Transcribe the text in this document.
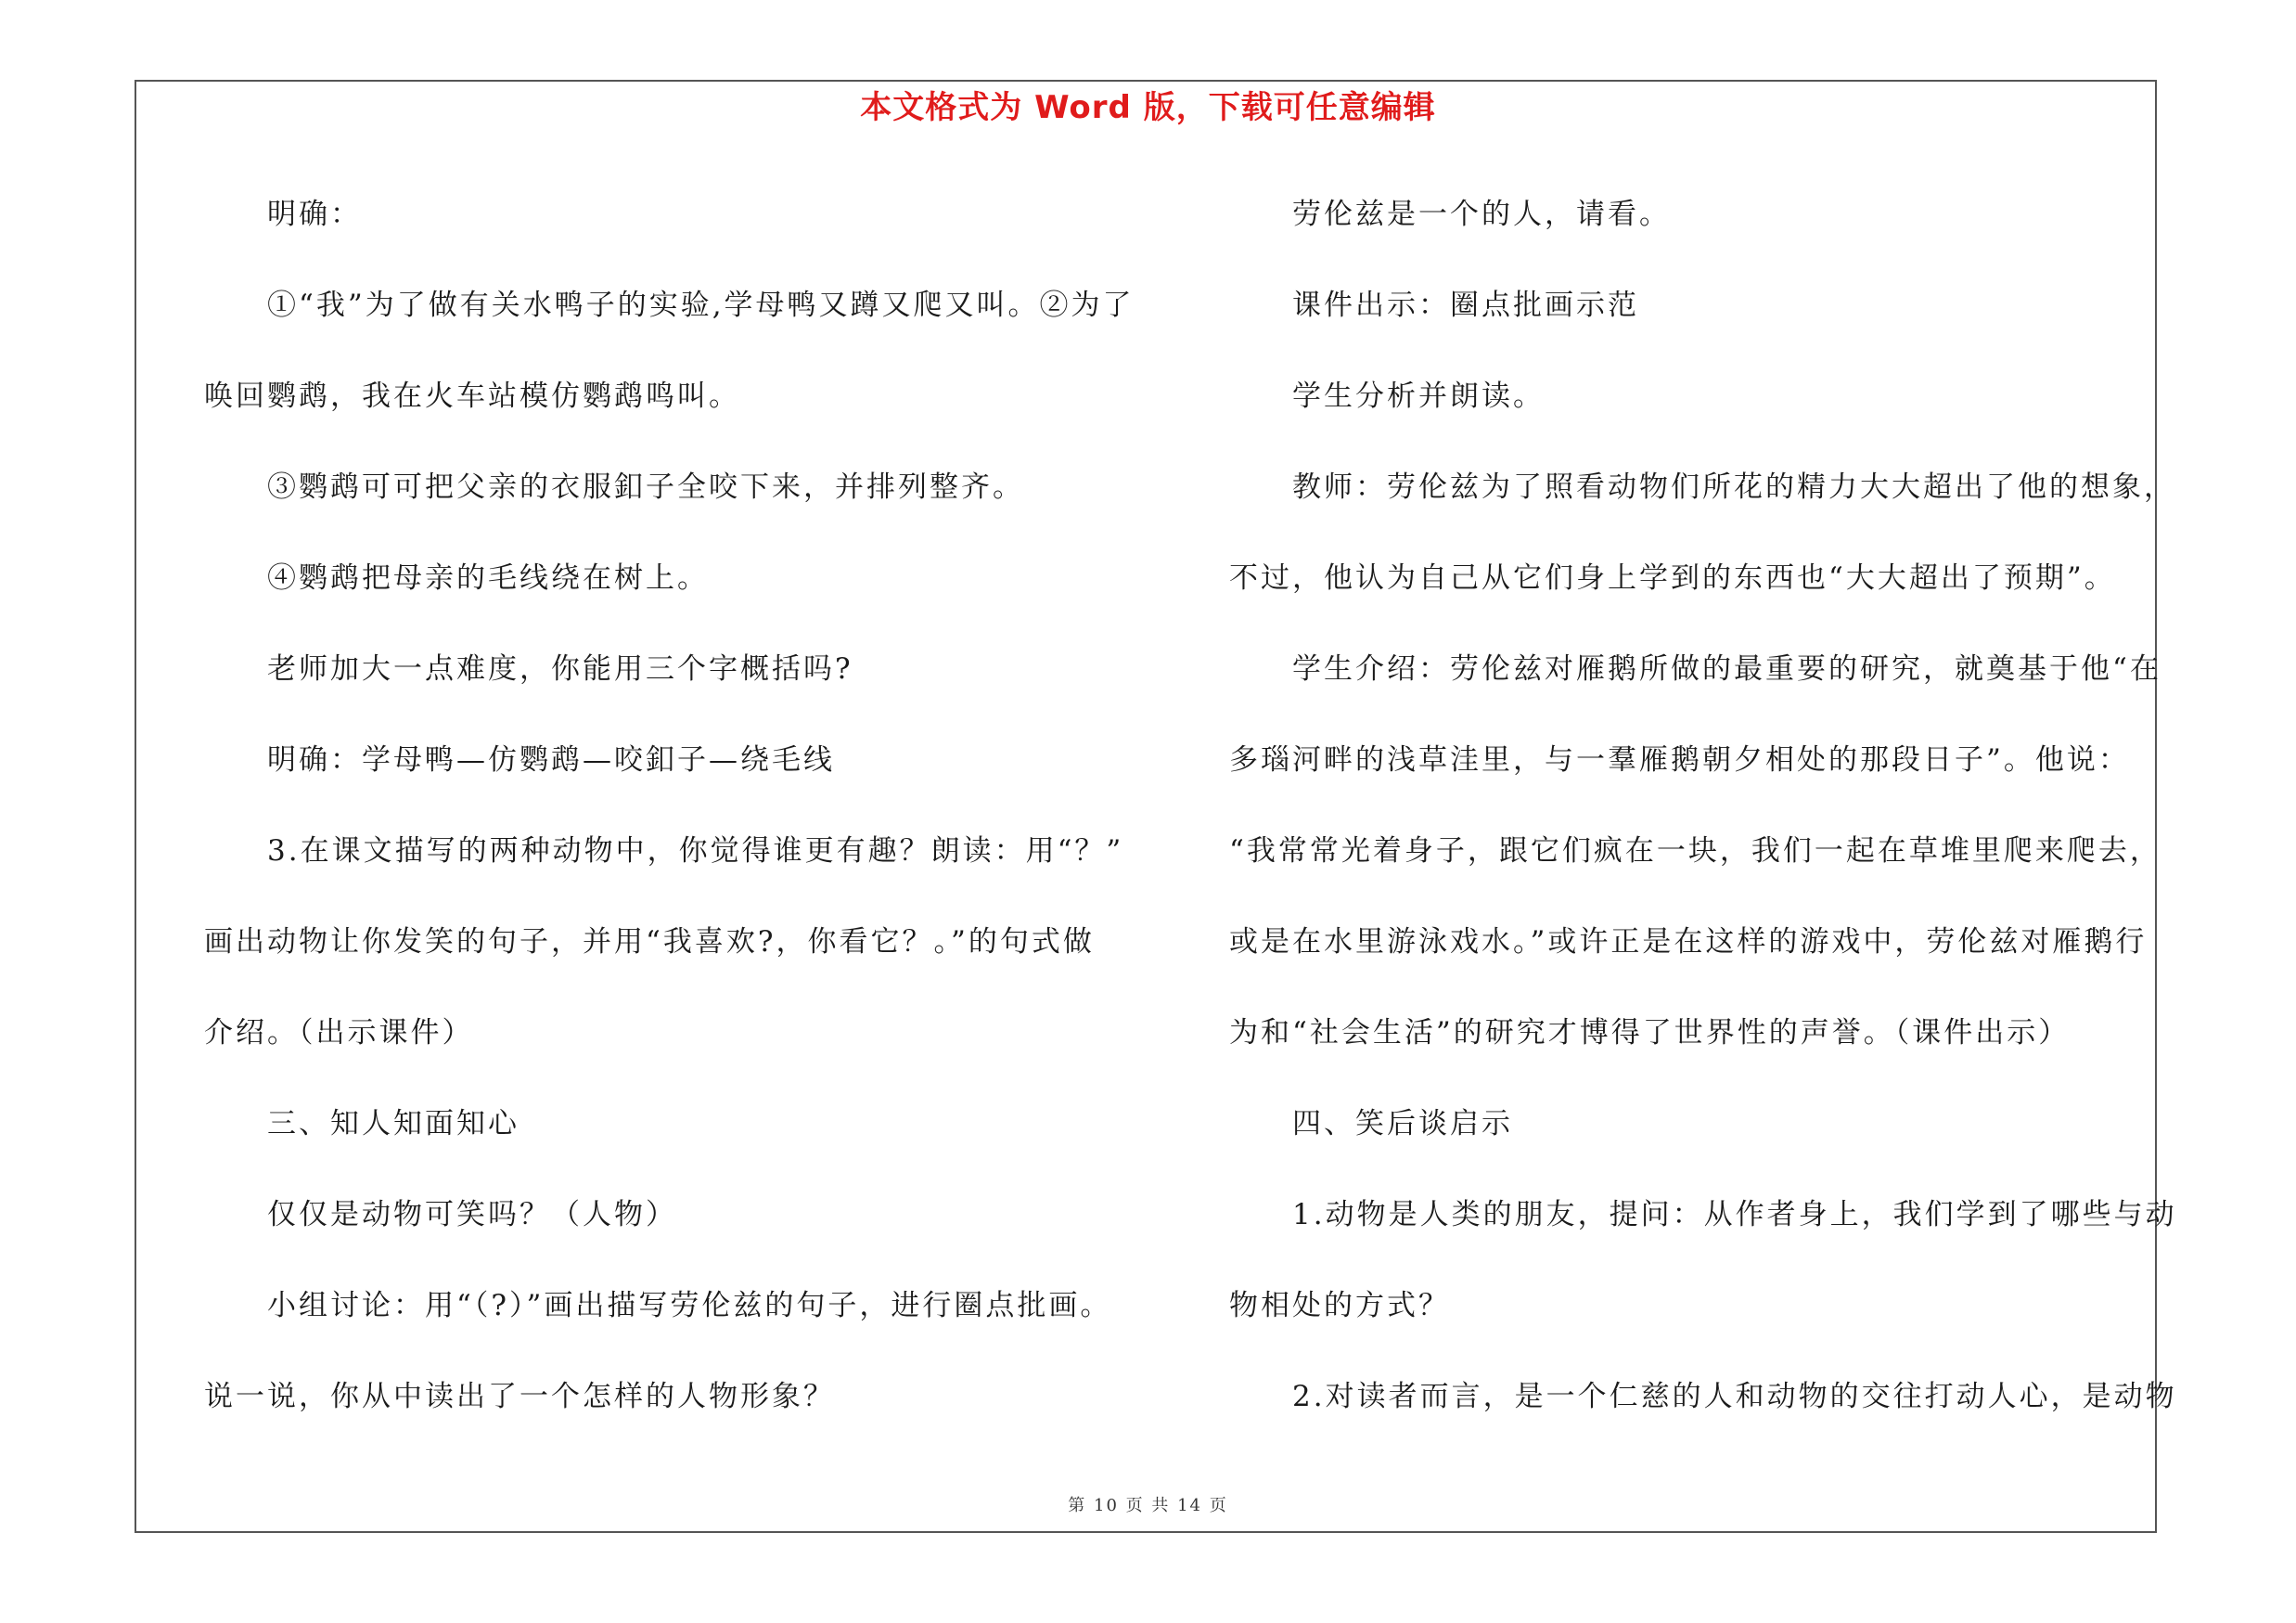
本文格式为 Word 版，下载可任意编辑
明确：
①“我”为了做有关水鸭子的实验,学母鸭又蹲又爬又叫。②为了
唤回鹦鹉，我在火车站模仿鹦鹉鸣叫。
③鹦鹉可可把父亲的衣服釦子全咬下来，并排列整齐。
④鹦鹉把母亲的毛线绕在树上。
老师加大一点难度，你能用三个字概括吗?
明确：学母鸭—仿鹦鹉—咬釦子—绕毛线
3.在课文描写的两种动物中，你觉得谁更有趣？朗读：用“？”
画出动物让你发笑的句子，并用“我喜欢?，你看它？。”的句式做
介绍。（出示课件）
三、知人知面知心
仅仅是动物可笑吗？（人物）
小组讨论：用“（?）”画出描写劳伦兹的句子，进行圈点批画。
说一说，你从中读出了一个怎样的人物形象？
劳伦兹是一个的人，请看。
课件出示：圈点批画示范
学生分析并朗读。
教师：劳伦兹为了照看动物们所花的精力大大超出了他的想象，
不过，他认为自己从它们身上学到的东西也“大大超出了预期”。
学生介绍：劳伦兹对雁鹅所做的最重要的研究，就奠基于他“在
多瑙河畔的浅草洼里，与一羣雁鹅朝夕相处的那段日子”。他说：
“我常常光着身子，跟它们疯在一块，我们一起在草堆里爬来爬去，
或是在水里游泳戏水。”或许正是在这样的游戏中，劳伦兹对雁鹅行
为和“社会生活”的研究才博得了世界性的声誉。（课件出示）
四、笑后谈启示
1.动物是人类的朋友，提问：从作者身上，我们学到了哪些与动
物相处的方式？
2.对读者而言，是一个仁慈的人和动物的交往打动人心，是动物
第 10 页 共 14 页
